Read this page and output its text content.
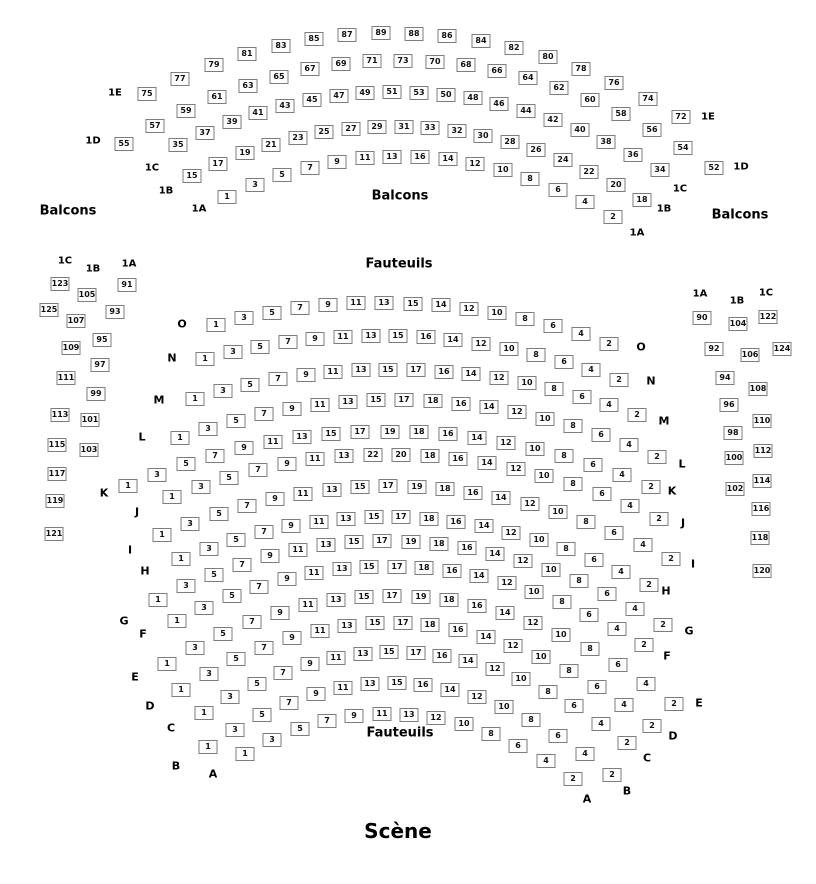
Balcons
Balcons
Balcons
Fauteuils
Fauteuils
Scène
75
77
79
81
83
85	87	89	88	86
84
82
80
78
76
74
72
1E
1E
55
57
59
61
63
65
67
69	71	73	70	68
66
64
62
60
58
56
54
52
1D
1D
35
37
39
41
43
45	47	49	51	53	50	48
46
44
42
40
38
36
34
1C
1C
15
17
19
21
23
25	27	29	31	33	32
30
28
26
24
22
20
18
1B
1B
1
3
5
7
9	11	13	16	14
12
10
8
6
4
2
1A
1A
1
3
5
7	9	11	13	15	14	12	10
8
6
4
2
O
O
1
3
5
7	9	11	13	15	16	14	12
10
8
6
4
2
N
N
1
3
5
7	9	11	13	15	17	16	14	12
10
8
6
4
2
M
M
1
3
5
7
9	11	13	15	17	18	16	14
12
10
8
6
4
2
L
L
1
3
5
7
9
11
13	15	17	19	18	16	14
12
10
8
6
4
2
K	K
1
3
5
7
9
11	13	22	20	18	16	14
12
10
8
6
4
2
J
J
1
3
5
7
9
11	13	15	17	19	18	16
14
12
10
8
6
4
2
I
I
1
3
5
7
9	11	13	15	17	18	16	14
12
10
8
6
4
2
H
H
1
3
5
7
9
11
13	15	17	19	18	16
14
12
10
8
6
4
2
G
G
1
3
5
7
9
11	13	15	17	18	16
14
12
10
8
6
4
2
F
F
1
3
5
7
9
11
13	15	17	19	18
16
14
12
10
8
6
4
2
E
E
1
3
5
7
9
11
13	15	17	18
16
14
12
10
8
6
4
2
D
D
1
3
5
7
9
11	13	15	17	16
14
12
10
8
6
4
2
C
C
1
3
5
7
9
11	13	15	16
14
12
10
8
6
4
2
B
B
1
3
5
7
9	11	13	12
10
8
6
4
2
A
A
1C
123
125
1B
105
107
109
111
113
115
117
119
121
1A
91
93
95
97
99
101
103
1A
90
92
94
96
98
100
102
1B
104
106
108
110
112
114
116
118
120
1C
122
124
